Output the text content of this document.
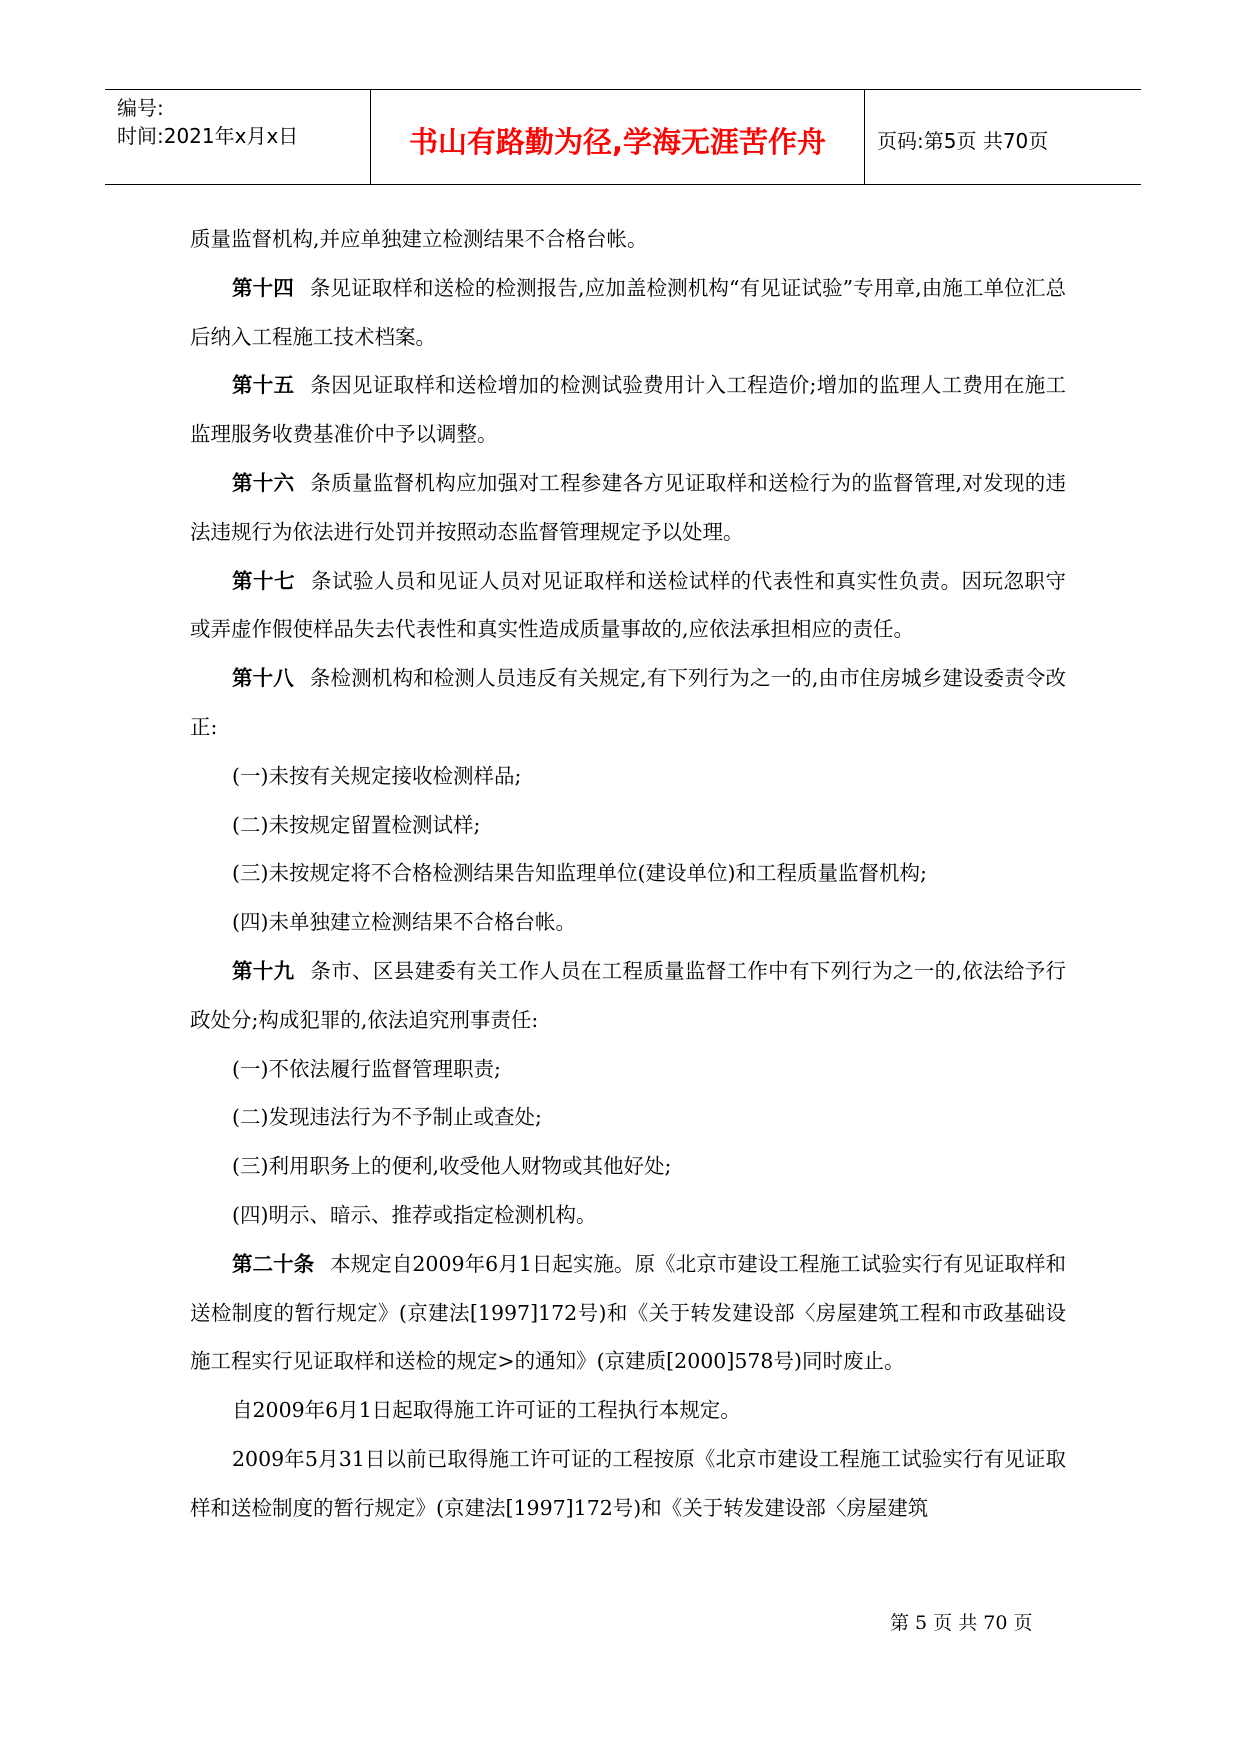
编号:
时间:2021年x月x日	书山有路勤为径,学海无涯苦作舟	页码:第5页 共70页

质量监督机构,并应单独建立检测结果不合格台帐。

第十四 条见证取样和送检的检测报告,应加盖检测机构“有见证试验”专用章,由施工单位汇总后纳入工程施工技术档案。

第十五 条因见证取样和送检增加的检测试验费用计入工程造价;增加的监理人工费用在施工监理服务收费基准价中予以调整。

第十六 条质量监督机构应加强对工程参建各方见证取样和送检行为的监督管理,对发现的违法违规行为依法进行处罚并按照动态监督管理规定予以处理。

第十七 条试验人员和见证人员对见证取样和送检试样的代表性和真实性负责。因玩忽职守或弄虚作假使样品失去代表性和真实性造成质量事故的,应依法承担相应的责任。

第十八 条检测机构和检测人员违反有关规定,有下列行为之一的,由市住房城乡建设委责令改正:

(一)未按有关规定接收检测样品;

(二)未按规定留置检测试样;

(三)未按规定将不合格检测结果告知监理单位(建设单位)和工程质量监督机构;

(四)未单独建立检测结果不合格台帐。

第十九 条市、区县建委有关工作人员在工程质量监督工作中有下列行为之一的,依法给予行政处分;构成犯罪的,依法追究刑事责任:

(一)不依法履行监督管理职责;

(二)发现违法行为不予制止或查处;

(三)利用职务上的便利,收受他人财物或其他好处;

(四)明示、暗示、推荐或指定检测机构。

第二十条 本规定自2009年6月1日起实施。原《北京市建设工程施工试验实行有见证取样和送检制度的暂行规定》(京建法[1997]172号)和《关于转发建设部〈房屋建筑工程和市政基础设施工程实行见证取样和送检的规定>的通知》(京建质[2000]578号)同时废止。

自2009年6月1日起取得施工许可证的工程执行本规定。

2009年5月31日以前已取得施工许可证的工程按原《北京市建设工程施工试验实行有见证取样和送检制度的暂行规定》(京建法[1997]172号)和《关于转发建设部〈房屋建筑

第 5 页 共 70 页
